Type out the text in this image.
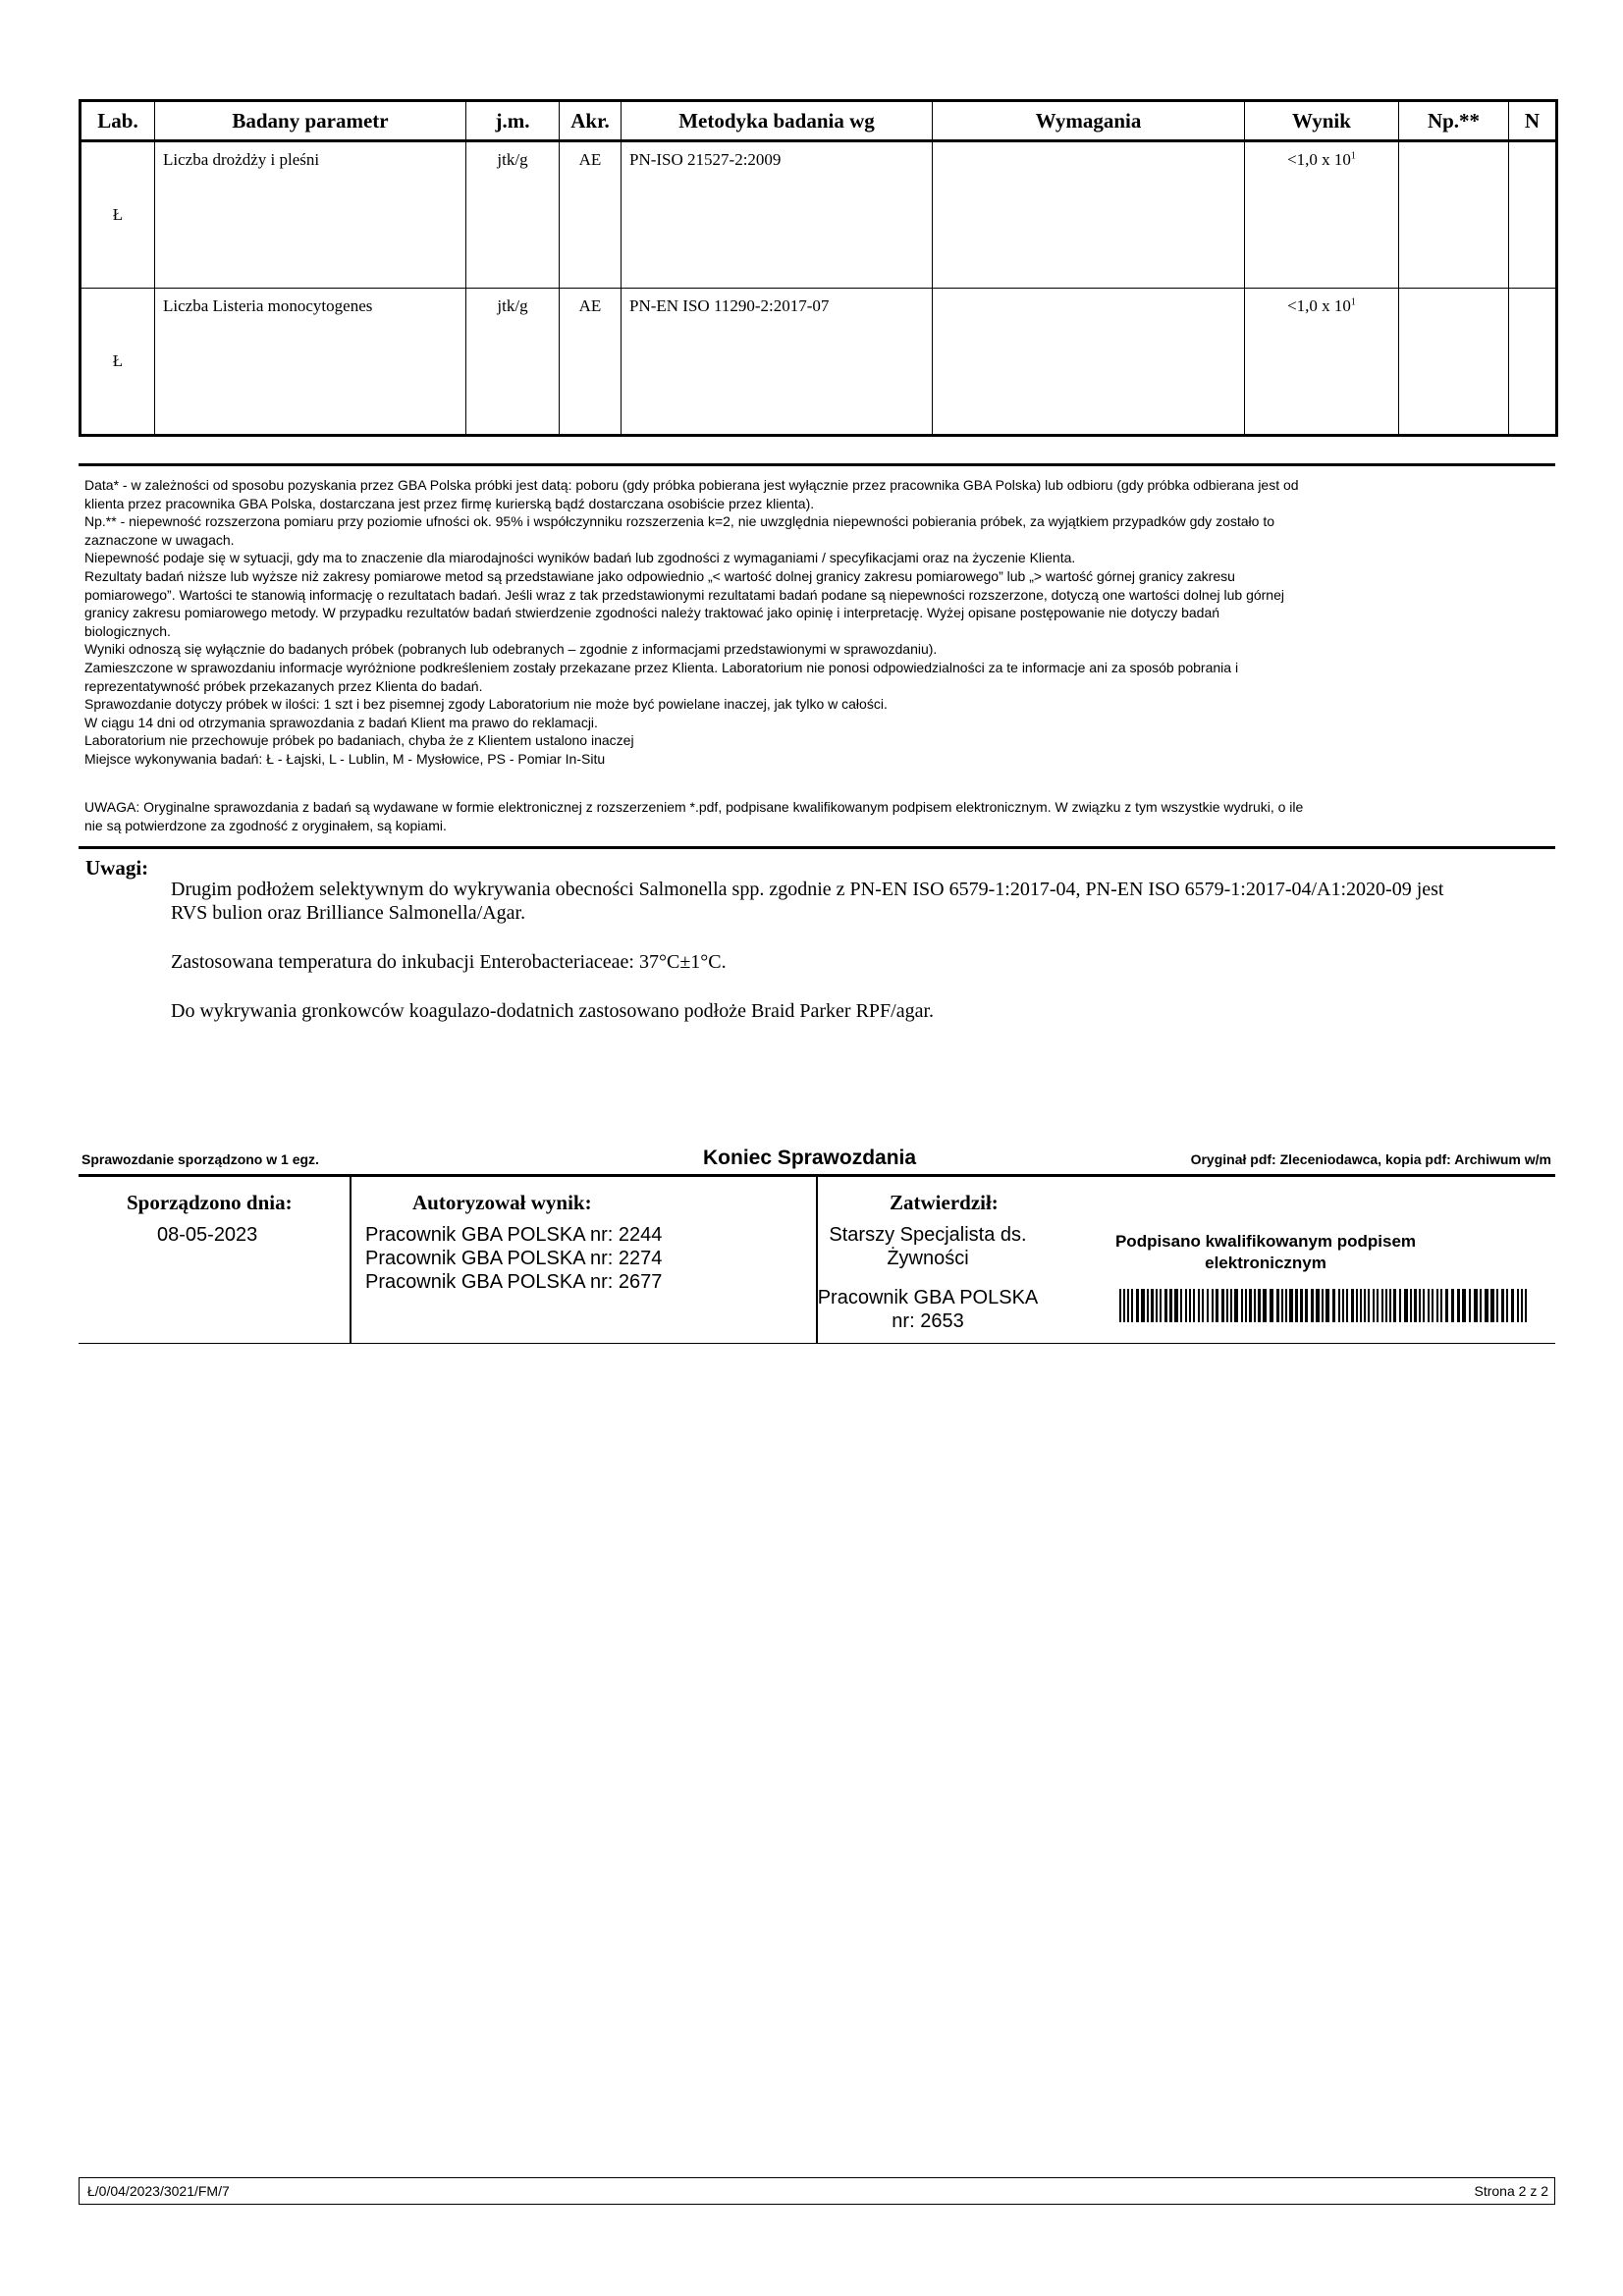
Lab.	Badany parametr	j.m.	Akr.	Metodyka badania wg	Wymagania	Wynik	Np.**	N
Ł	Liczba drożdży i pleśni	jtk/g	AE	PN-ISO 21527-2:2009		<1,0 x $10^1$		
Ł	Liczba Listeria monocytogenes	jtk/g	AE	PN-EN ISO 11290-2:2017-07		<1,0 x $10^1$		

Data* - w zależności od sposobu pozyskania przez GBA Polska próbki jest datą: poboru (gdy próbka pobierana jest wyłącznie przez pracownika GBA Polska) lub odbioru (gdy próbka odbierana jest od

klienta przez pracownika GBA Polska, dostarczana jest przez firmę kurierską bądź dostarczana osobiście przez klienta).

Np.** - niepewność rozszerzona pomiaru przy poziomie ufności ok. 95% i współczynniku rozszerzenia k=2, nie uwzględnia niepewności pobierania próbek, za wyjątkiem przypadków gdy zostało to

zaznaczone w uwagach.

Niepewność podaje się w sytuacji, gdy ma to znaczenie dla miarodajności wyników badań lub zgodności z wymaganiami / specyfikacjami oraz na życzenie Klienta.

Rezultaty badań niższe lub wyższe niż zakresy pomiarowe metod są przedstawiane jako odpowiednio „< wartość dolnej granicy zakresu pomiarowego” lub „> wartość górnej granicy zakresu

pomiarowego”. Wartości te stanowią informację o rezultatach badań. Jeśli wraz z tak przedstawionymi rezultatami badań podane są niepewności rozszerzone, dotyczą one wartości dolnej lub górnej

granicy zakresu pomiarowego metody. W przypadku rezultatów badań stwierdzenie zgodności należy traktować jako opinię i interpretację. Wyżej opisane postępowanie nie dotyczy badań

biologicznych.

Wyniki odnoszą się wyłącznie do badanych próbek (pobranych lub odebranych – zgodnie z informacjami przedstawionymi w sprawozdaniu).

Zamieszczone w sprawozdaniu informacje wyróżnione podkreśleniem zostały przekazane przez Klienta. Laboratorium nie ponosi odpowiedzialności za te informacje ani za sposób pobrania i

reprezentatywność próbek przekazanych przez Klienta do badań.

Sprawozdanie dotyczy próbek w ilości: 1 szt i bez pisemnej zgody Laboratorium nie może być powielane inaczej, jak tylko w całości.

W ciągu 14 dni od otrzymania sprawozdania z badań Klient ma prawo do reklamacji.

Laboratorium nie przechowuje próbek po badaniach, chyba że z Klientem ustalono inaczej

Miejsce wykonywania badań: Ł - Łajski, L - Lublin, M - Mysłowice, PS - Pomiar In-Situ

UWAGA: Oryginalne sprawozdania z badań są wydawane w formie elektronicznej z rozszerzeniem *.pdf, podpisane kwalifikowanym podpisem elektronicznym. W związku z tym wszystkie wydruki, o ile

nie są potwierdzone za zgodność z oryginałem, są kopiami.

Uwagi:

Drugim podłożem selektywnym do wykrywania obecności Salmonella spp. zgodnie z PN-EN ISO 6579-1:2017-04, PN-EN ISO 6579-1:2017-04/A1:2020-09 jest RVS bulion oraz Brilliance Salmonella/Agar.

Zastosowana temperatura do inkubacji Enterobacteriaceae: 37°C±1°C.

Do wykrywania gronkowców koagulazo-dodatnich zastosowano podłoże Braid Parker RPF/agar.

Sprawozdanie sporządzono w 1 egz.	Koniec Sprawozdania	Oryginał pdf: Zleceniodawca, kopia pdf: Archiwum w/m
Sporządzono dnia:
08-05-2023
Autoryzował wynik:
Pracownik GBA POLSKA nr: 2244
Pracownik GBA POLSKA nr: 2274
Pracownik GBA POLSKA nr: 2677
Zatwierdził:
Starszy Specjalista ds. Żywności
Pracownik GBA POLSKA nr: 2653
Podpisano kwalifikowanym podpisem elektronicznym
Ł/0/04/2023/3021/FM/7	Strona 2 z 2
